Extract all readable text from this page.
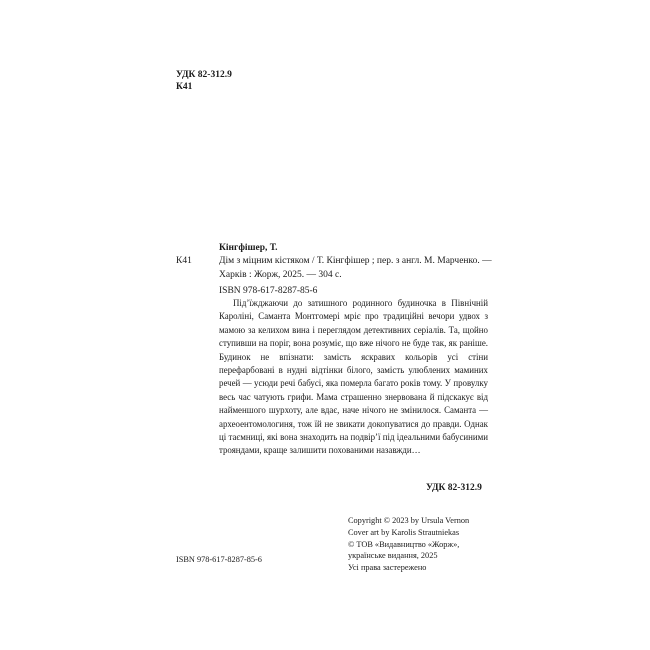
УДК 82-312.9
К41
К41
Кінгфішер, Т.
Дім з міцним кістяком / Т. Кінгфішер ; пер. з англ. М. Марченко. —
Харків : Жорж, 2025. — 304 с.
ISBN 978-617-8287-85-6
Під’їжджаючи до затишного родинного будиночка в Північній Кароліні, Саманта Монтгомері мріє про традиційні вечори удвох з мамою за келихом вина і переглядом детективних серіалів. Та, щойно ступивши на поріг, вона розуміє, що вже нічого не буде так, як раніше. Будинок не впізнати: замість яскравих кольорів усі стіни перефарбовані в нудні відтінки білого, замість улюблених маминих речей — усюди речі бабусі, яка померла багато років тому. У провулку весь час чатують грифи. Мама страшенно знервована й підскакує від найменшого шурхоту, але вдає, наче нічого не змінилося. Саманта — археоентомологиня, тож їй не звикати докопуватися до правди. Однак ці таємниці, які вона знаходить на подвір’ї під ідеальними бабусиними трояндами, краще залишити похованими назавжди…
УДК 82-312.9
ISBN 978-617-8287-85-6
Copyright © 2023 by Ursula Vernon
Cover art by Karolis Strautniekas
© ТОВ «Видавництво «Жорж»,
українське видання, 2025
Усі права застережено
